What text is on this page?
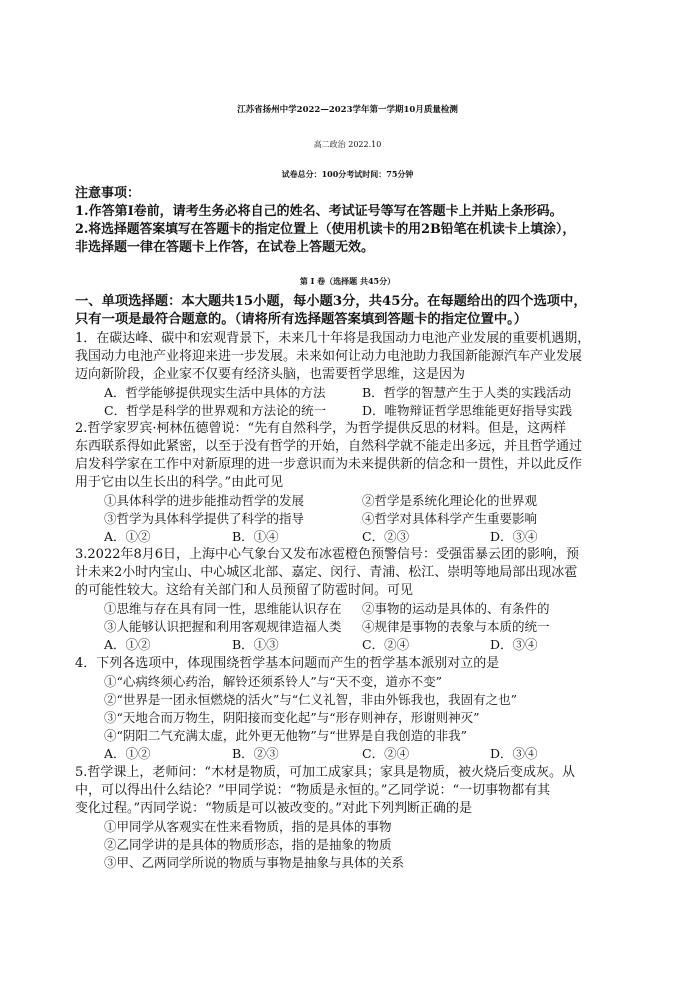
江苏省扬州中学2022—2023学年第一学期10月质量检测
高二政治 2022.10
试卷总分：100分考试时间：75分钟
注意事项：
1.作答第Ⅰ卷前，请考生务必将自己的姓名、考试证号等写在答题卡上并贴上条形码。
2.将选择题答案填写在答题卡的指定位置上（使用机读卡的用2B铅笔在机读卡上填涂），
非选择题一律在答题卡上作答，在试卷上答题无效。
第 Ⅰ 卷（选择题 共45分）
一、单项选择题：本大题共15小题，每小题3分，共45分。在每题给出的四个选项中，
只有一项是最符合题意的。（请将所有选择题答案填到答题卡的指定位置中。）
1．在碳达峰、碳中和宏观背景下，未来几十年将是我国动力电池产业发展的重要机遇期，
我国动力电池产业将迎来进一步发展。未来如何让动力电池助力我国新能源汽车产业发展
迈向新阶段，企业家不仅要有经济头脑，也需要哲学思维，这是因为
A．哲学能够提供现实生活中具体的方法	B．哲学的智慧产生于人类的实践活动
C．哲学是科学的世界观和方法论的统一	D．唯物辩证哲学思维能更好指导实践
2.哲学家罗宾·柯林伍德曾说：“先有自然科学，为哲学提供反思的材料。但是，这两样
东西联系得如此紧密，以至于没有哲学的开始，自然科学就不能走出多远，并且哲学通过
启发科学家在工作中对新原理的进一步意识而为未来提供新的信念和一贯性，并以此反作
用于它由以生长出的科学。”由此可见
①具体科学的进步能推动哲学的发展	②哲学是系统化理论化的世界观
③哲学为具体科学提供了科学的指导	④哲学对具体科学产生重要影响
A．①②	B．①④	C．②③	D．③④
3.2022年8月6日，上海中心气象台又发布冰雹橙色预警信号：受强雷暴云团的影响，预
计未来2小时内宝山、中心城区北部、嘉定、闵行、青浦、松江、崇明等地局部出现冰雹
的可能性较大。这给有关部门和人员预留了防雹时间。可见
①思维与存在具有同一性，思维能认识存在 ②事物的运动是具体的、有条件的
③人能够认识把握和利用客观规律造福人类 ④规律是事物的表象与本质的统一
A．①②	B．①③	C．②④	D．③④
4．下列各选项中，体现围绕哲学基本问题而产生的哲学基本派别对立的是
①“心病终须心药治，解铃还须系铃人”与“天不变，道亦不变”
②“世界是一团永恒燃烧的活火”与“仁义礼智，非由外铄我也，我固有之也”
③“天地合而万物生，阴阳接而变化起”与“形存则神存，形谢则神灭”
④“阴阳二气充满太虚，此外更无他物”与“世界是自我创造的非我”
A．①②	B．②③	C．②④	D．③④
5.哲学课上，老师问：“木材是物质，可加工成家具；家具是物质，被火烧后变成灰。从
中，可以得出什么结论？”甲同学说：“物质是永恒的。”乙同学说：“一切事物都有其
变化过程。”丙同学说：“物质是可以被改变的。”对此下列判断正确的是
①甲同学从客观实在性来看物质，指的是具体的事物
②乙同学讲的是具体的物质形态，指的是抽象的物质
③甲、乙两同学所说的物质与事物是抽象与具体的关系
